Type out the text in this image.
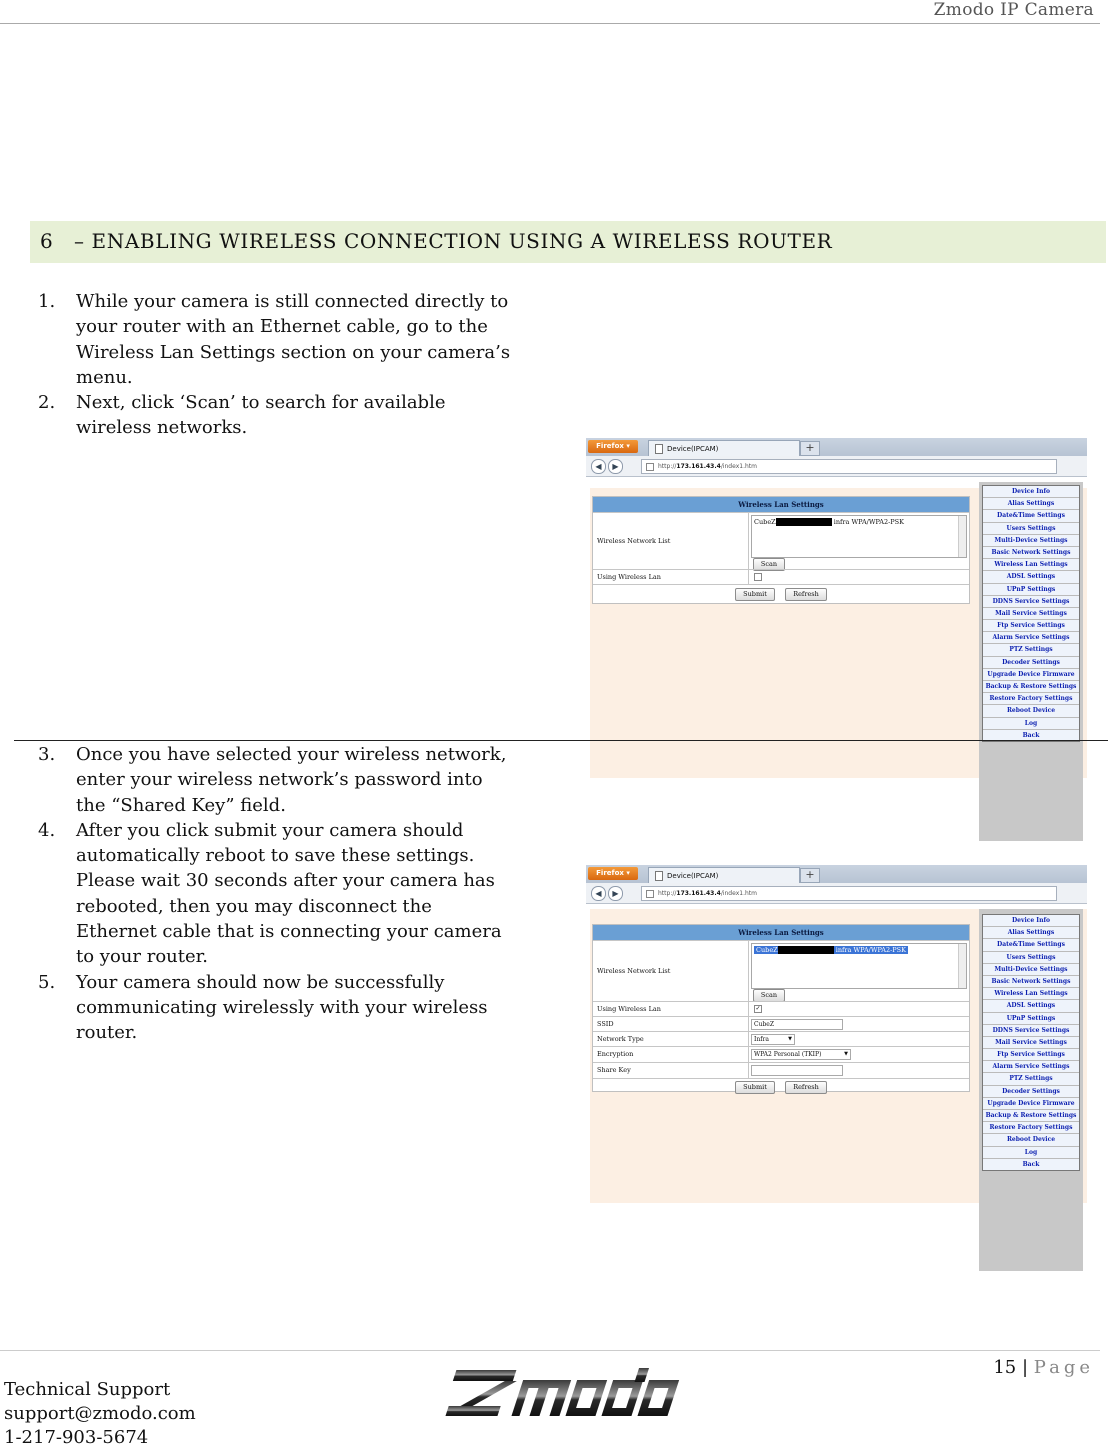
Zmodo IP Camera
6 – ENABLING WIRELESS CONNECTION USING A WIRELESS ROUTER
1. While your camera is still connected directly to your router with an Ethernet cable, go to the Wireless Lan Settings section on your camera’s menu.
2. Next, click ‘Scan’ to search for available wireless networks.
3. Once you have selected your wireless network, enter your wireless network’s password into the “Shared Key” field.
4. After you click submit your camera should automatically reboot to save these settings. Please wait 30 seconds after your camera has rebooted, then you may disconnect the Ethernet cable that is connecting your camera to your router.
5. Your camera should now be successfully communicating wirelessly with your wireless router.
Firefox ▾	Device(IPCAM)	+
◀	▶	http://173.161.43.4/index1.htm
Device Info
Alias Settings
Date&Time Settings
Users Settings
Multi-Device Settings
Basic Network Settings
Wireless Lan Settings
ADSL Settings
UPnP Settings
DDNS Service Settings
Mail Service Settings
Ftp Service Settings
Alarm Service Settings
PTZ Settings
Decoder Settings
Upgrade Device Firmware
Backup & Restore Settings
Restore Factory Settings
Reboot Device
Log
Back
Wireless Lan Settings
Wireless Network List
CubeZ	infra WPA/WPA2-PSK
Scan
Using Wireless Lan
Submit	Refresh
Firefox ▾	Device(IPCAM)	+
◀	▶	http://173.161.43.4/index1.htm
Device Info
Alias Settings
Date&Time Settings
Users Settings
Multi-Device Settings
Basic Network Settings
Wireless Lan Settings
ADSL Settings
UPnP Settings
DDNS Service Settings
Mail Service Settings
Ftp Service Settings
Alarm Service Settings
PTZ Settings
Decoder Settings
Upgrade Device Firmware
Backup & Restore Settings
Restore Factory Settings
Reboot Device
Log
Back
Wireless Lan Settings
Wireless Network List
CubeZ	infra WPA/WPA2-PSK
Scan
Using Wireless Lan	✓
SSID	CubeZ
Network Type	Infra	▼
Encryption	WPA2 Personal (TKIP)	▼
Share Key
Submit	Refresh
15 | Page
Technical Support
support@zmodo.com
1-217-903-5674
